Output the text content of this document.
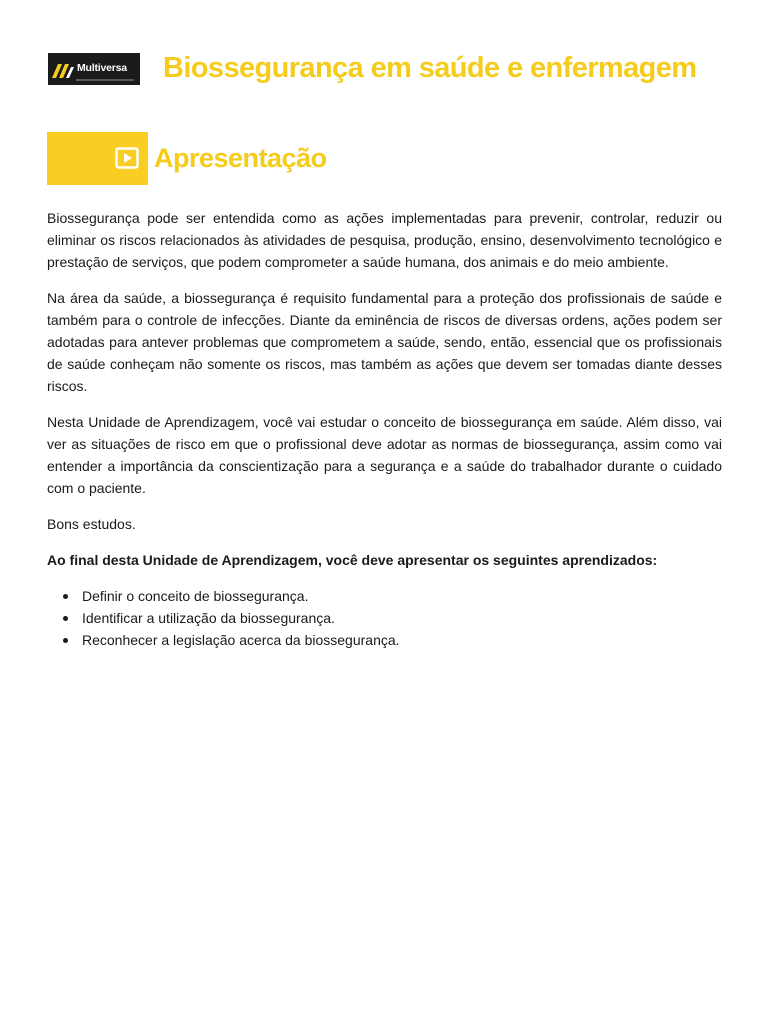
Multiversa Biossegurança em saúde e enfermagem
Apresentação

Biossegurança pode ser entendida como as ações implementadas para prevenir, controlar, reduzir ou eliminar os riscos relacionados às atividades de pesquisa, produção, ensino, desenvolvimento tecnológico e prestação de serviços, que podem comprometer a saúde humana, dos animais e do meio ambiente.

Na área da saúde, a biossegurança é requisito fundamental para a proteção dos profissionais de saúde e também para o controle de infecções. Diante da eminência de riscos de diversas ordens, ações podem ser adotadas para antever problemas que comprometem a saúde, sendo, então, essencial que os profissionais de saúde conheçam não somente os riscos, mas também as ações que devem ser tomadas diante desses riscos.

Nesta Unidade de Aprendizagem, você vai estudar o conceito de biossegurança em saúde. Além disso, vai ver as situações de risco em que o profissional deve adotar as normas de biossegurança, assim como vai entender a importância da conscientização para a segurança e a saúde do trabalhador durante o cuidado com o paciente.

Bons estudos.

Ao final desta Unidade de Aprendizagem, você deve apresentar os seguintes aprendizados:

Definir o conceito de biossegurança.
Identificar a utilização da biossegurança.
Reconhecer a legislação acerca da biossegurança.
